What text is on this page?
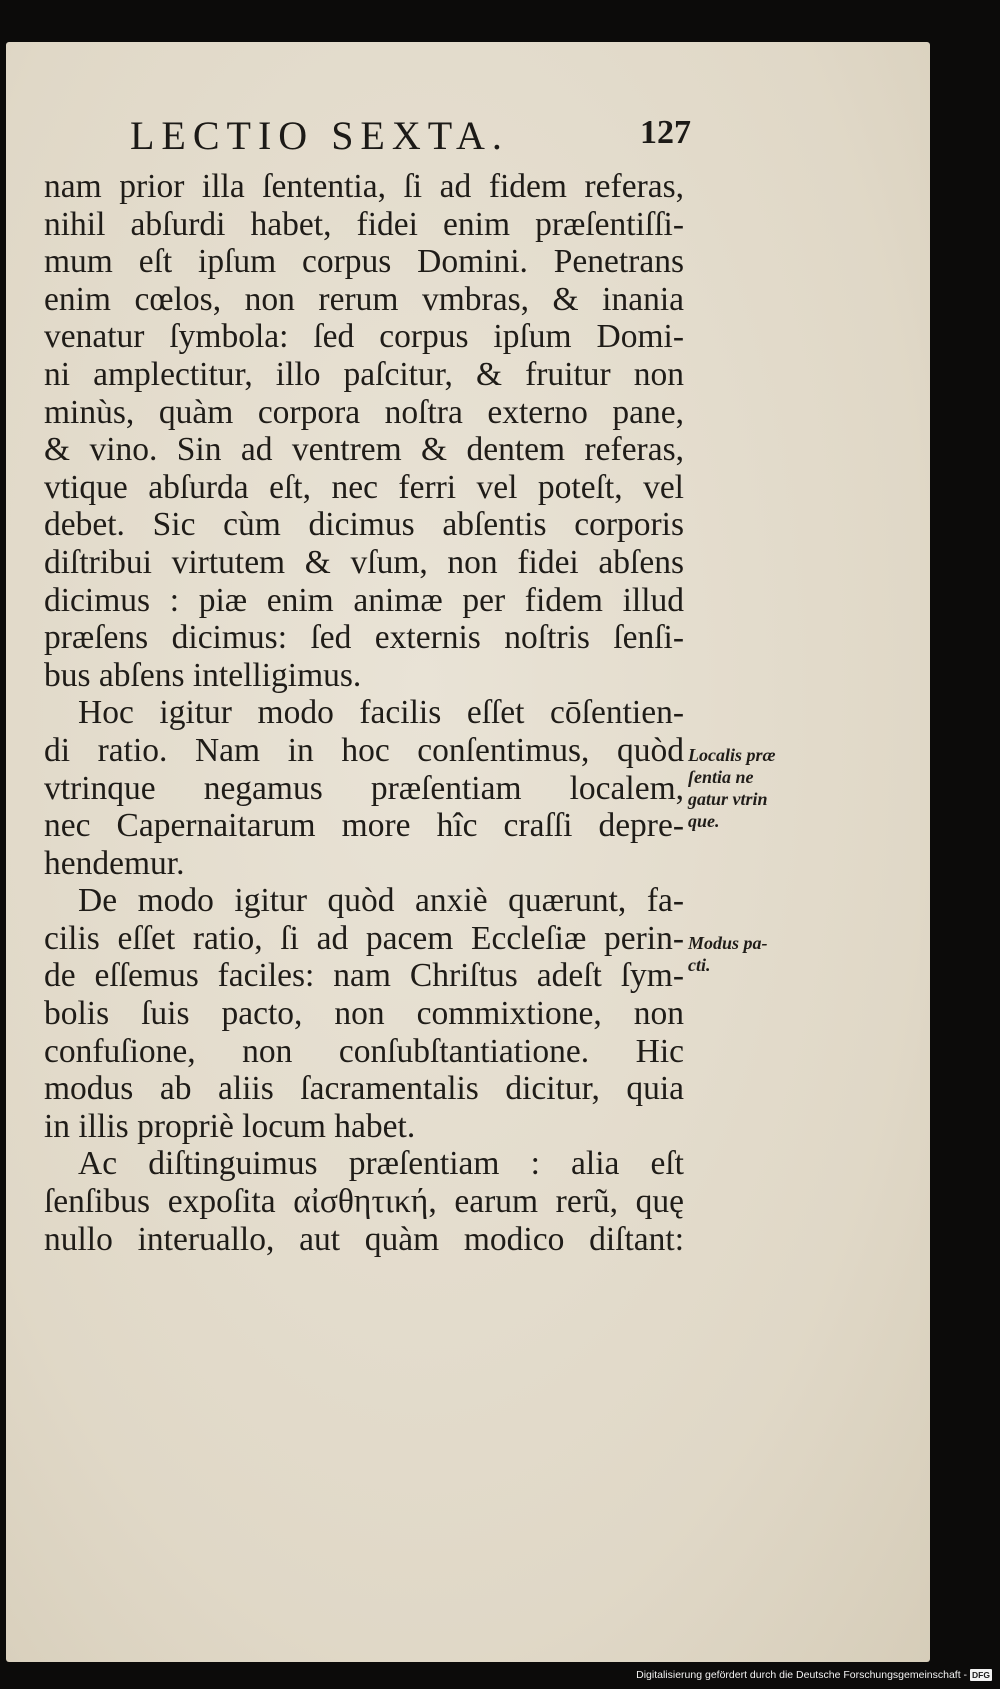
LECTIO SEXTA.	127
nam prior illa ſententia, ſi ad fidem referas,
nihil abſurdi habet, fidei enim præſentiſſi-
mum eſt ipſum corpus Domini. Penetrans
enim cœlos, non rerum vmbras, & inania
venatur ſymbola: ſed corpus ipſum Domi-
ni amplectitur, illo paſcitur, & fruitur non
minùs, quàm corpora noſtra externo pane,
& vino. Sin ad ventrem & dentem referas,
vtique abſurda eſt, nec ferri vel poteſt, vel
debet. Sic cùm dicimus abſentis corporis
diſtribui virtutem & vſum, non fidei abſens
dicimus : piæ enim animæ per fidem illud
præſens dicimus: ſed externis noſtris ſenſi-
bus abſens intelligimus.
Hoc igitur modo facilis eſſet cōſentien-
di ratio. Nam in hoc conſentimus, quòd
vtrinque negamus præſentiam localem,
nec Capernaitarum more hîc craſſi depre-
hendemur.
De modo igitur quòd anxiè quærunt, fa-
cilis eſſet ratio, ſi ad pacem Eccleſiæ perin-
de eſſemus faciles: nam Chriſtus adeſt ſym-
bolis ſuis pacto, non commixtione, non
confuſione, non conſubſtantiatione. Hic
modus ab aliis ſacramentalis dicitur, quia
in illis propriè locum habet.
Ac diſtinguimus præſentiam : alia eſt
ſenſibus expoſita αἰσθητική, earum rerũ, quę
nullo interuallo, aut quàm modico diſtant:
Localis præ
ſentia ne
gatur vtrin
que.
Modus pa-
cti.
Digitalisierung gefördert durch die Deutsche Forschungsgemeinschaft - DFG
